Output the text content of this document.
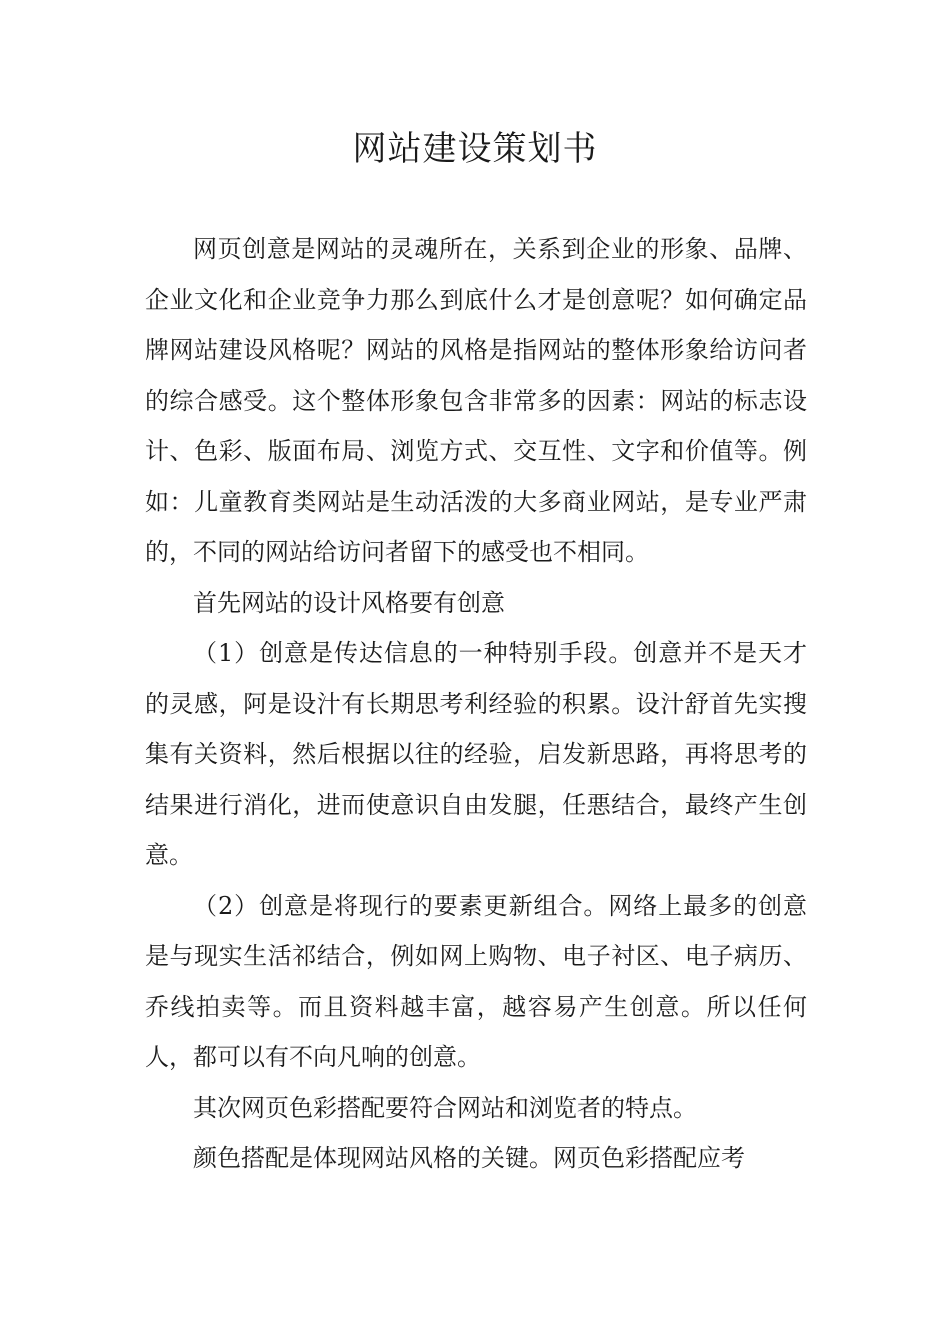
网站建设策划书

网页创意是网站的灵魂所在，关系到企业的形象、品牌、企业文化和企业竞争力那么到底什么才是创意呢？如何确定品牌网站建设风格呢？网站的风格是指网站的整体形象给访问者的综合感受。这个整体形象包含非常多的因素：网站的标志设计、色彩、版面布局、浏览方式、交互性、文字和价值等。例如：儿童教育类网站是生动活泼的大多商业网站，是专业严肃的，不同的网站给访问者留下的感受也不相同。

首先网站的设计风格要有创意

（1）创意是传达信息的一种特别手段。创意并不是天才的灵感，阿是设汁有长期思考利经验的积累。设汁舒首先实搜集有关资料，然后根据以往的经验，启发新思路，再将思考的结果进行消化，进而使意识自由发腿，任悪结合，最终产生创意。

（2）创意是将现行的要素更新组合。网络上最多的创意是与现实生活祁结合，例如网上购物、电子衬区、电子病历、乔线拍卖等。而且资料越丰富，越容易产生创意。所以任何人，都可以有不向凡响的创意。

其次网页色彩搭配要符合网站和浏览者的特点。

颜色搭配是体现网站风格的关键。网页色彩搭配应考
